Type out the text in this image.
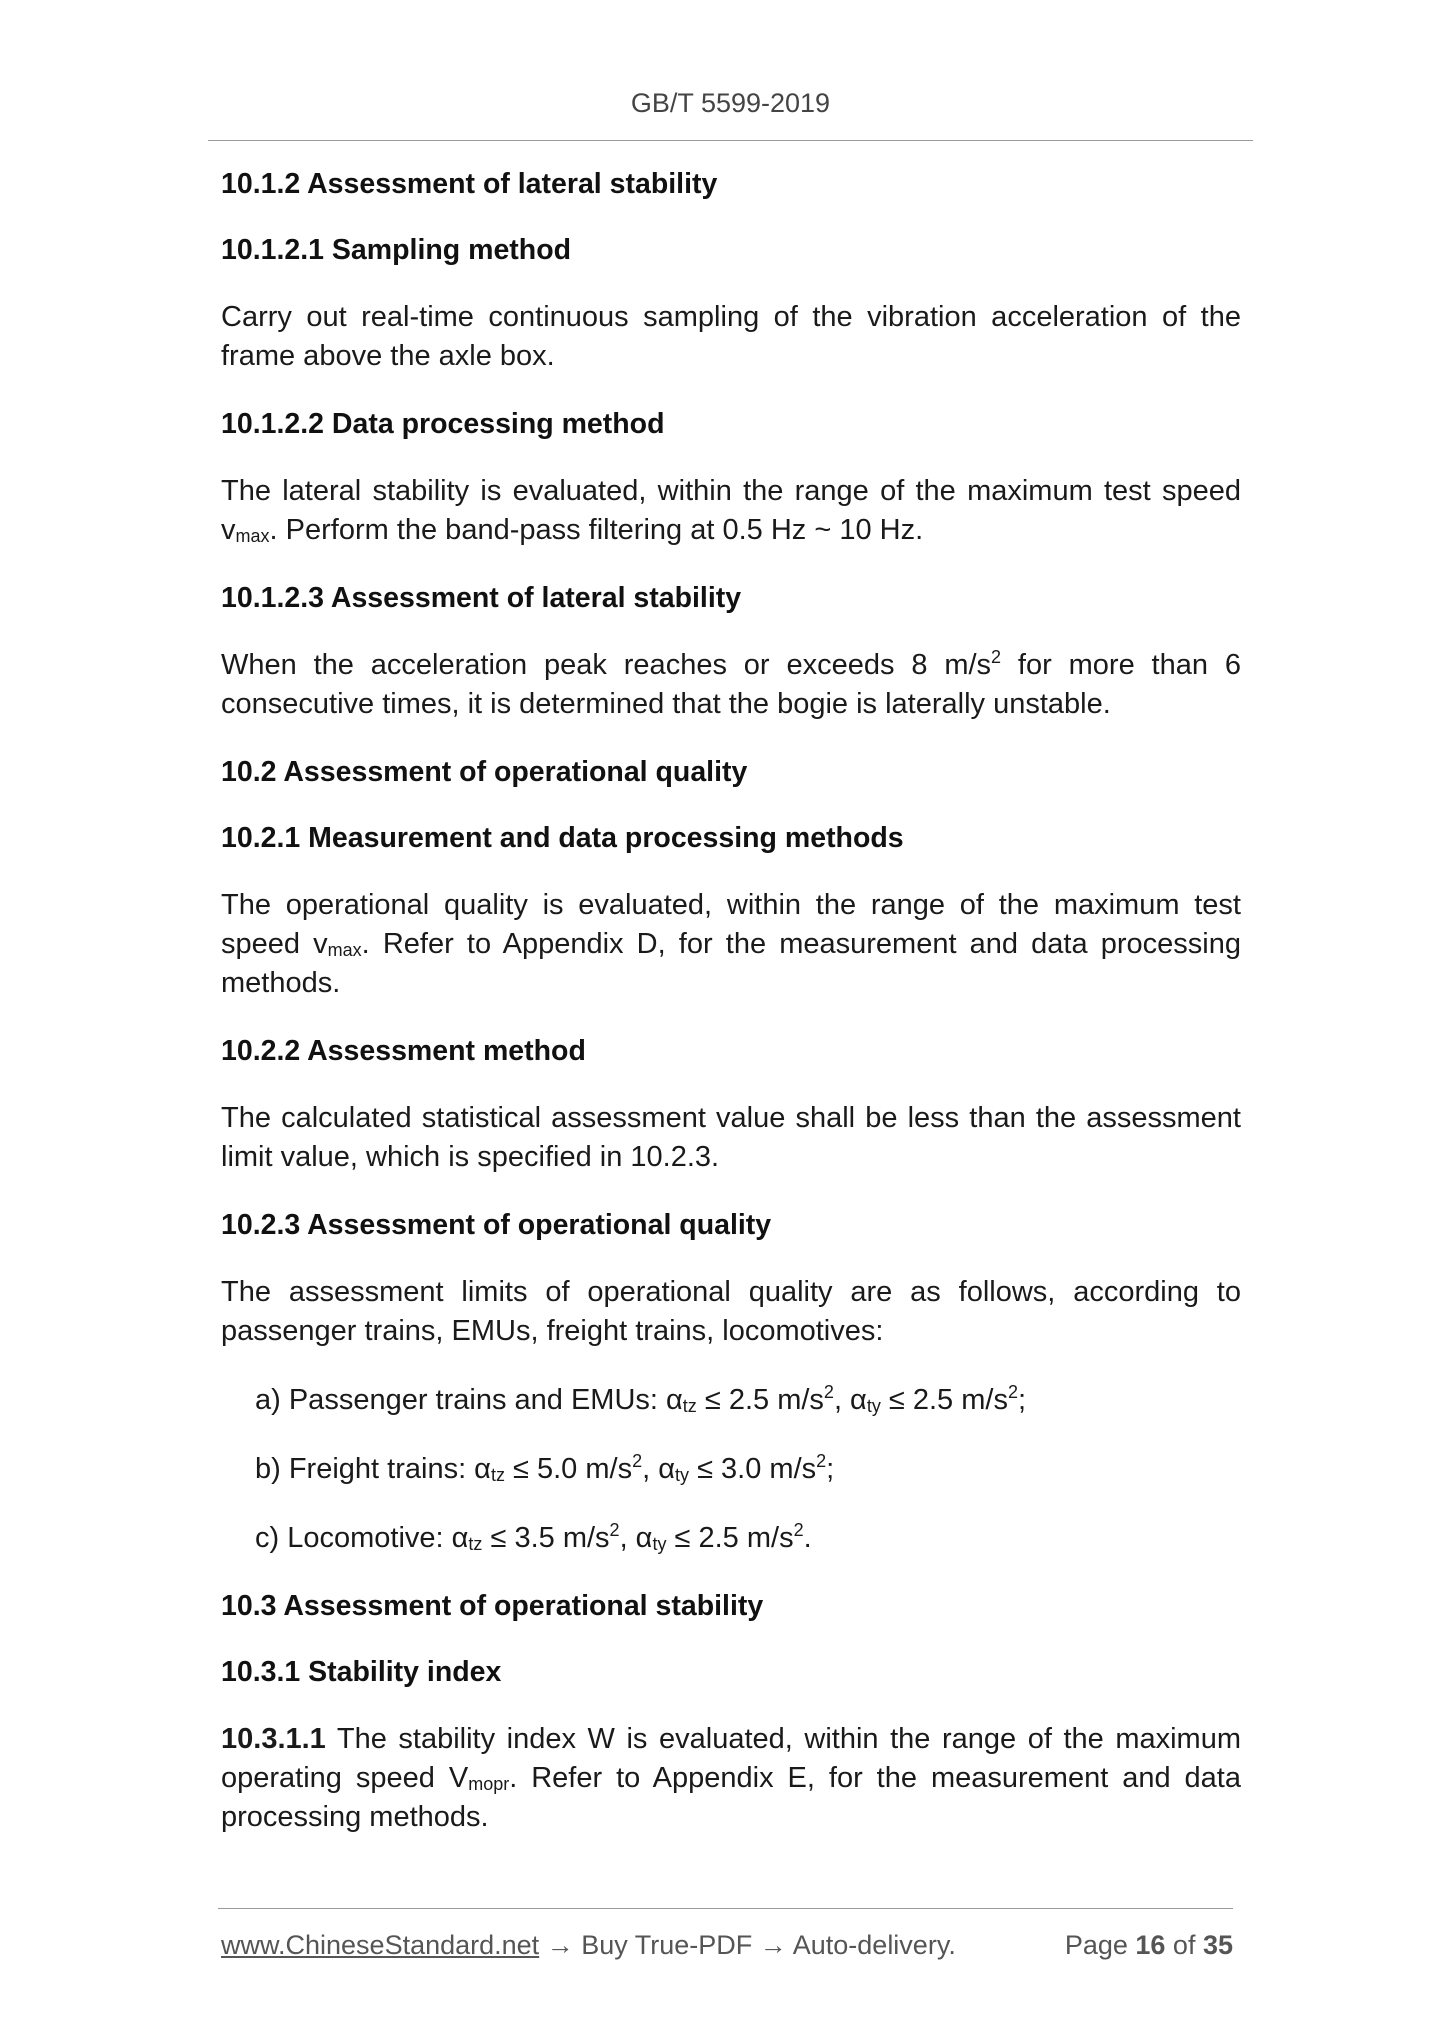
GB/T 5599-2019
10.1.2 Assessment of lateral stability
10.1.2.1 Sampling method
Carry out real-time continuous sampling of the vibration acceleration of the frame above the axle box.
10.1.2.2 Data processing method
The lateral stability is evaluated, within the range of the maximum test speed $v_{max}$. Perform the band-pass filtering at 0.5 Hz ~ 10 Hz.
10.1.2.3 Assessment of lateral stability
When the acceleration peak reaches or exceeds 8 $m/s^2$ for more than 6 consecutive times, it is determined that the bogie is laterally unstable.
10.2 Assessment of operational quality
10.2.1 Measurement and data processing methods
The operational quality is evaluated, within the range of the maximum test speed $v_{max}$. Refer to Appendix D, for the measurement and data processing methods.
10.2.2 Assessment method
The calculated statistical assessment value shall be less than the assessment limit value, which is specified in 10.2.3.
10.2.3 Assessment of operational quality
The assessment limits of operational quality are as follows, according to passenger trains, EMUs, freight trains, locomotives:
a) Passenger trains and EMUs: $\alpha_{tz} \le 2.5$ $m/s^2$, $\alpha_{ty} \le 2.5$ $m/s^2$;
b) Freight trains: $\alpha_{tz} \le 5.0$ $m/s^2$, $\alpha_{ty} \le 3.0$ $m/s^2$;
c) Locomotive: $\alpha_{tz} \le 3.5$ $m/s^2$, $\alpha_{ty} \le 2.5$ $m/s^2$.
10.3 Assessment of operational stability
10.3.1 Stability index
10.3.1.1 The stability index W is evaluated, within the range of the maximum operating speed $V_{mopr}$. Refer to Appendix E, for the measurement and data processing methods.
www.ChineseStandard.net → Buy True-PDF → Auto-delivery.	Page 16 of 35
